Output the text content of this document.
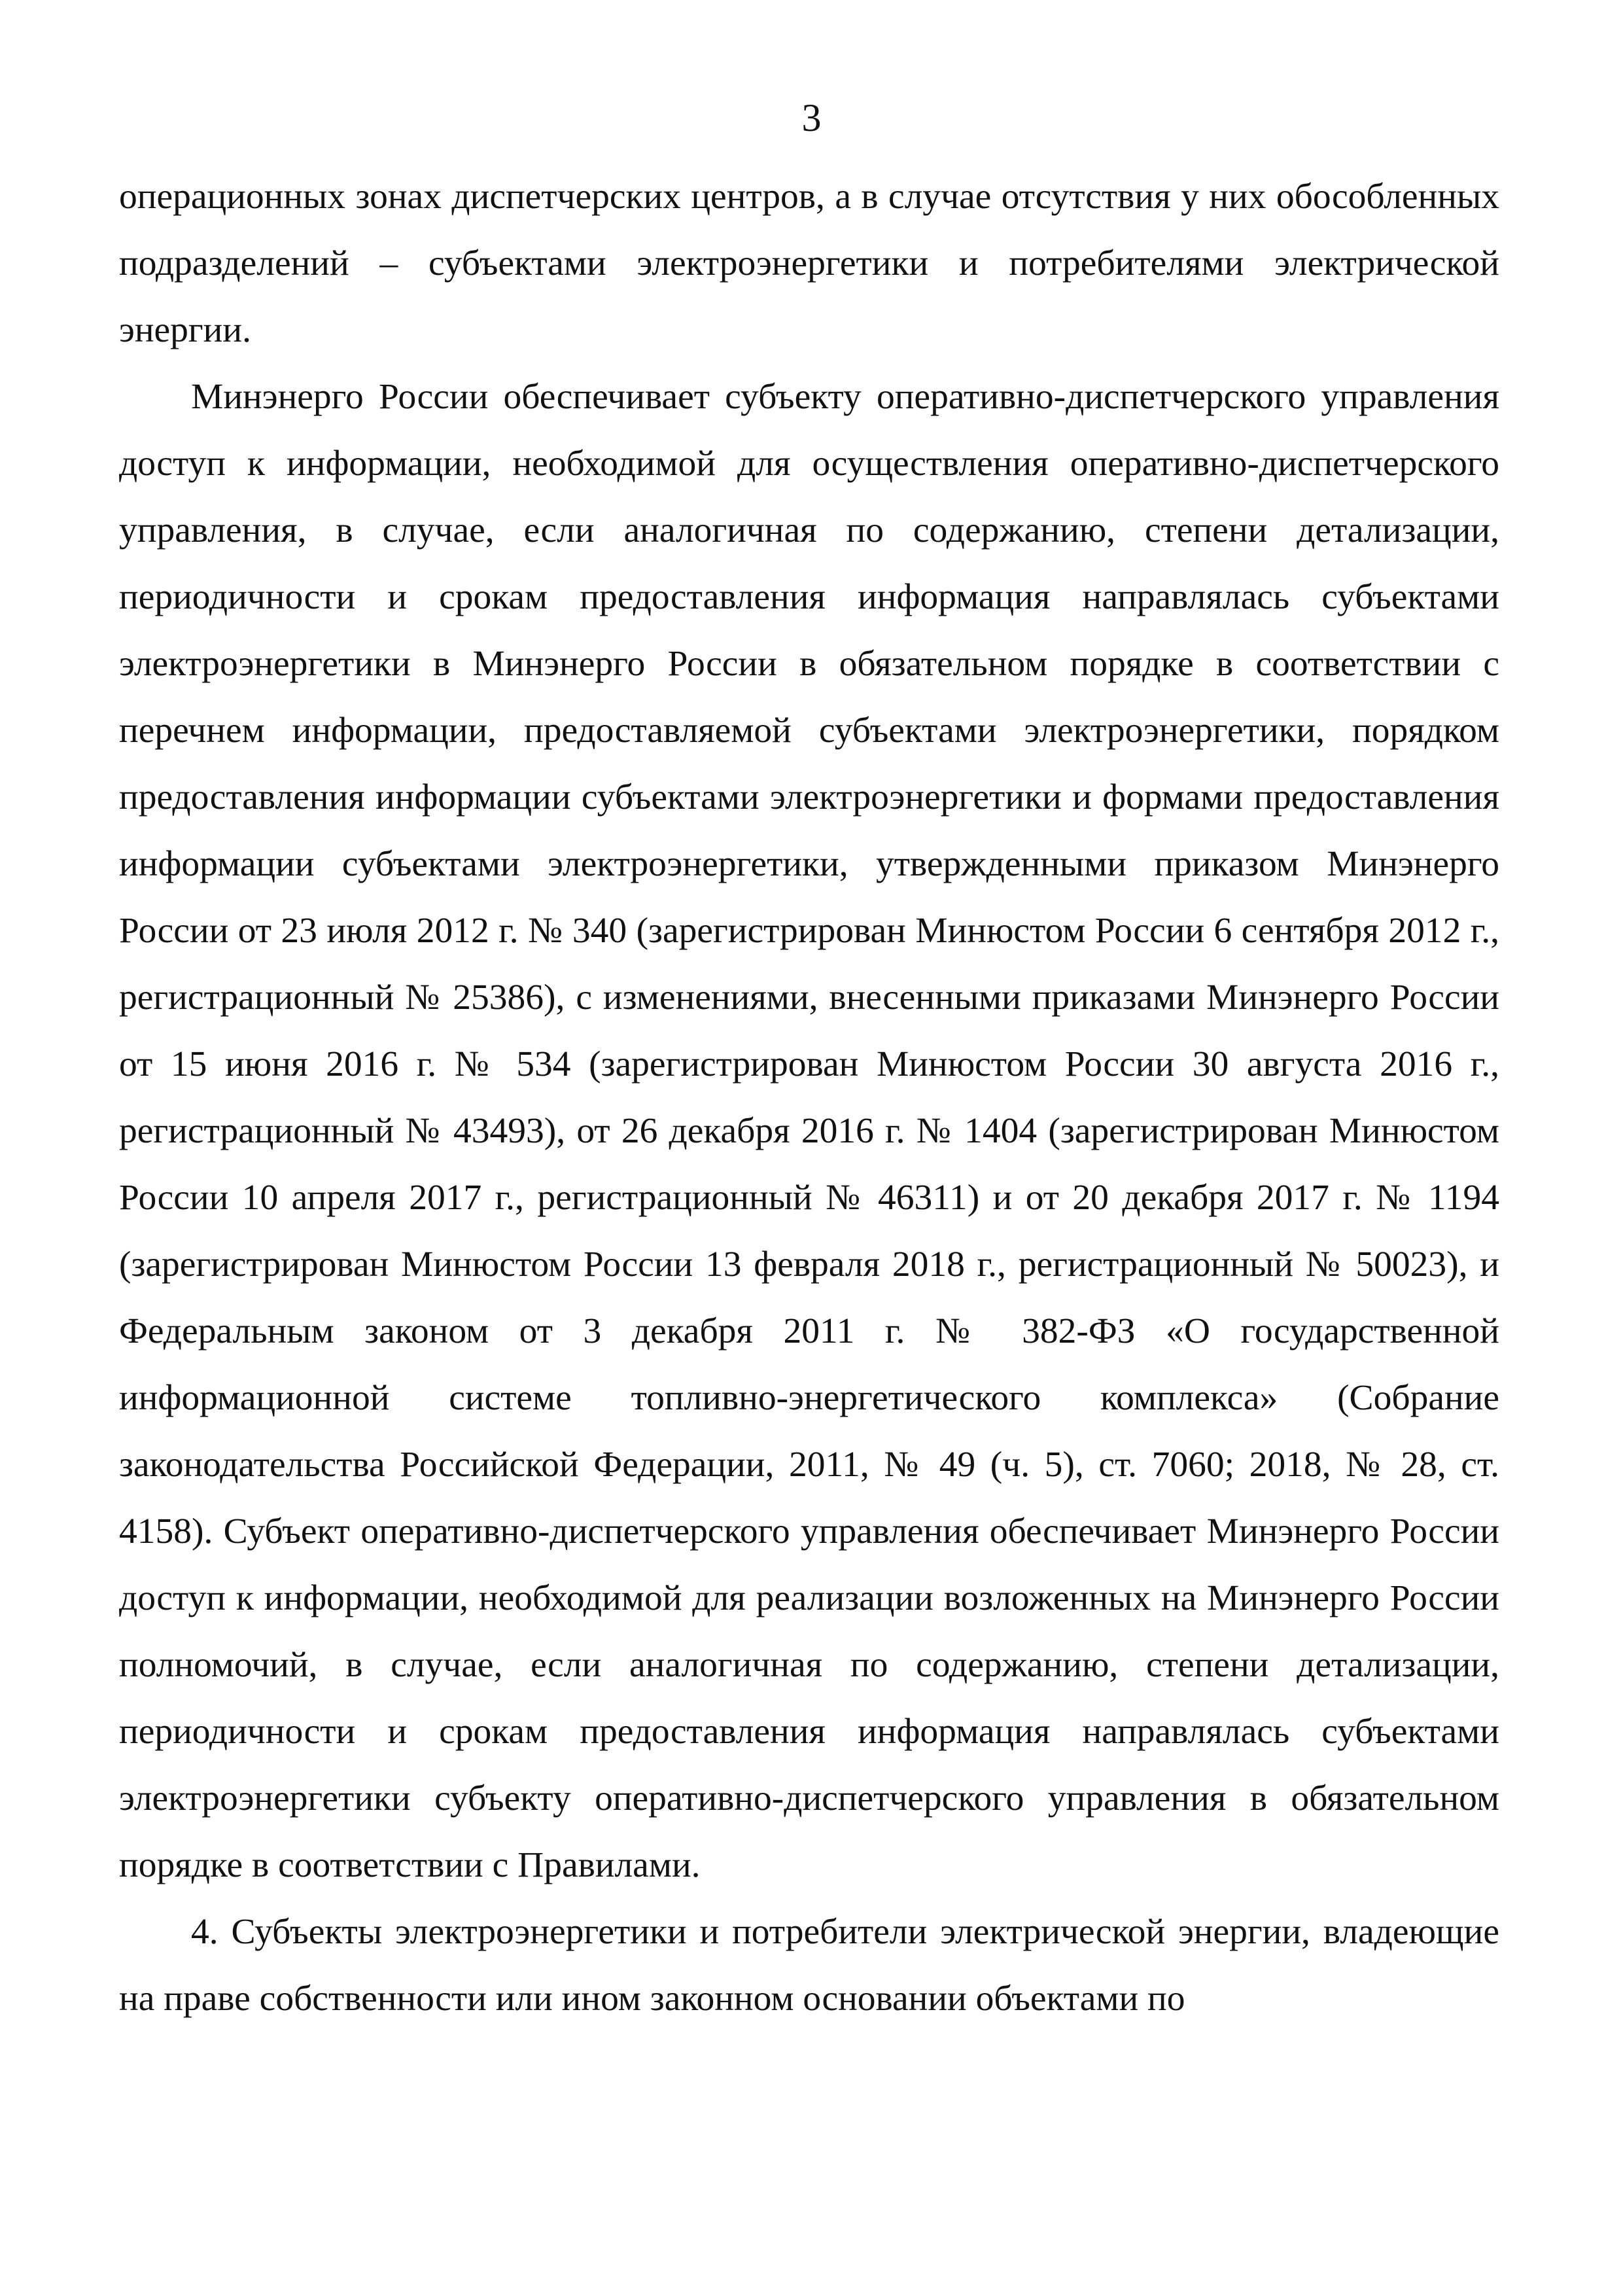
3

операционных зонах диспетчерских центров, а в случае отсутствия у них обособленных подразделений – субъектами электроэнергетики и потребителями электрической энергии.

Минэнерго России обеспечивает субъекту оперативно-диспетчерского управления доступ к информации, необходимой для осуществления оперативно-диспетчерского управления, в случае, если аналогичная по содержанию, степени детализации, периодичности и срокам предоставления информация направлялась субъектами электроэнергетики в Минэнерго России в обязательном порядке в соответствии с перечнем информации, предоставляемой субъектами электроэнергетики, порядком предоставления информации субъектами электроэнергетики и формами предоставления информации субъектами электроэнергетики, утвержденными приказом Минэнерго России от 23 июля 2012 г. № 340 (зарегистрирован Минюстом России 6 сентября 2012 г., регистрационный № 25386), с изменениями, внесенными приказами Минэнерго России от 15 июня 2016 г. № 534 (зарегистрирован Минюстом России 30 августа 2016 г., регистрационный № 43493), от 26 декабря 2016 г. № 1404 (зарегистрирован Минюстом России 10 апреля 2017 г., регистрационный № 46311) и от 20 декабря 2017 г. № 1194 (зарегистрирован Минюстом России 13 февраля 2018 г., регистрационный № 50023), и Федеральным законом от 3 декабря 2011 г. № 382-ФЗ «О государственной информационной системе топливно-энергетического комплекса» (Собрание законодательства Российской Федерации, 2011, № 49 (ч. 5), ст. 7060; 2018, № 28, ст. 4158). Субъект оперативно-диспетчерского управления обеспечивает Минэнерго России доступ к информации, необходимой для реализации возложенных на Минэнерго России полномочий, в случае, если аналогичная по содержанию, степени детализации, периодичности и срокам предоставления информация направлялась субъектами электроэнергетики субъекту оперативно-диспетчерского управления в обязательном порядке в соответствии с Правилами.

4. Субъекты электроэнергетики и потребители электрической энергии, владеющие на праве собственности или ином законном основании объектами по
